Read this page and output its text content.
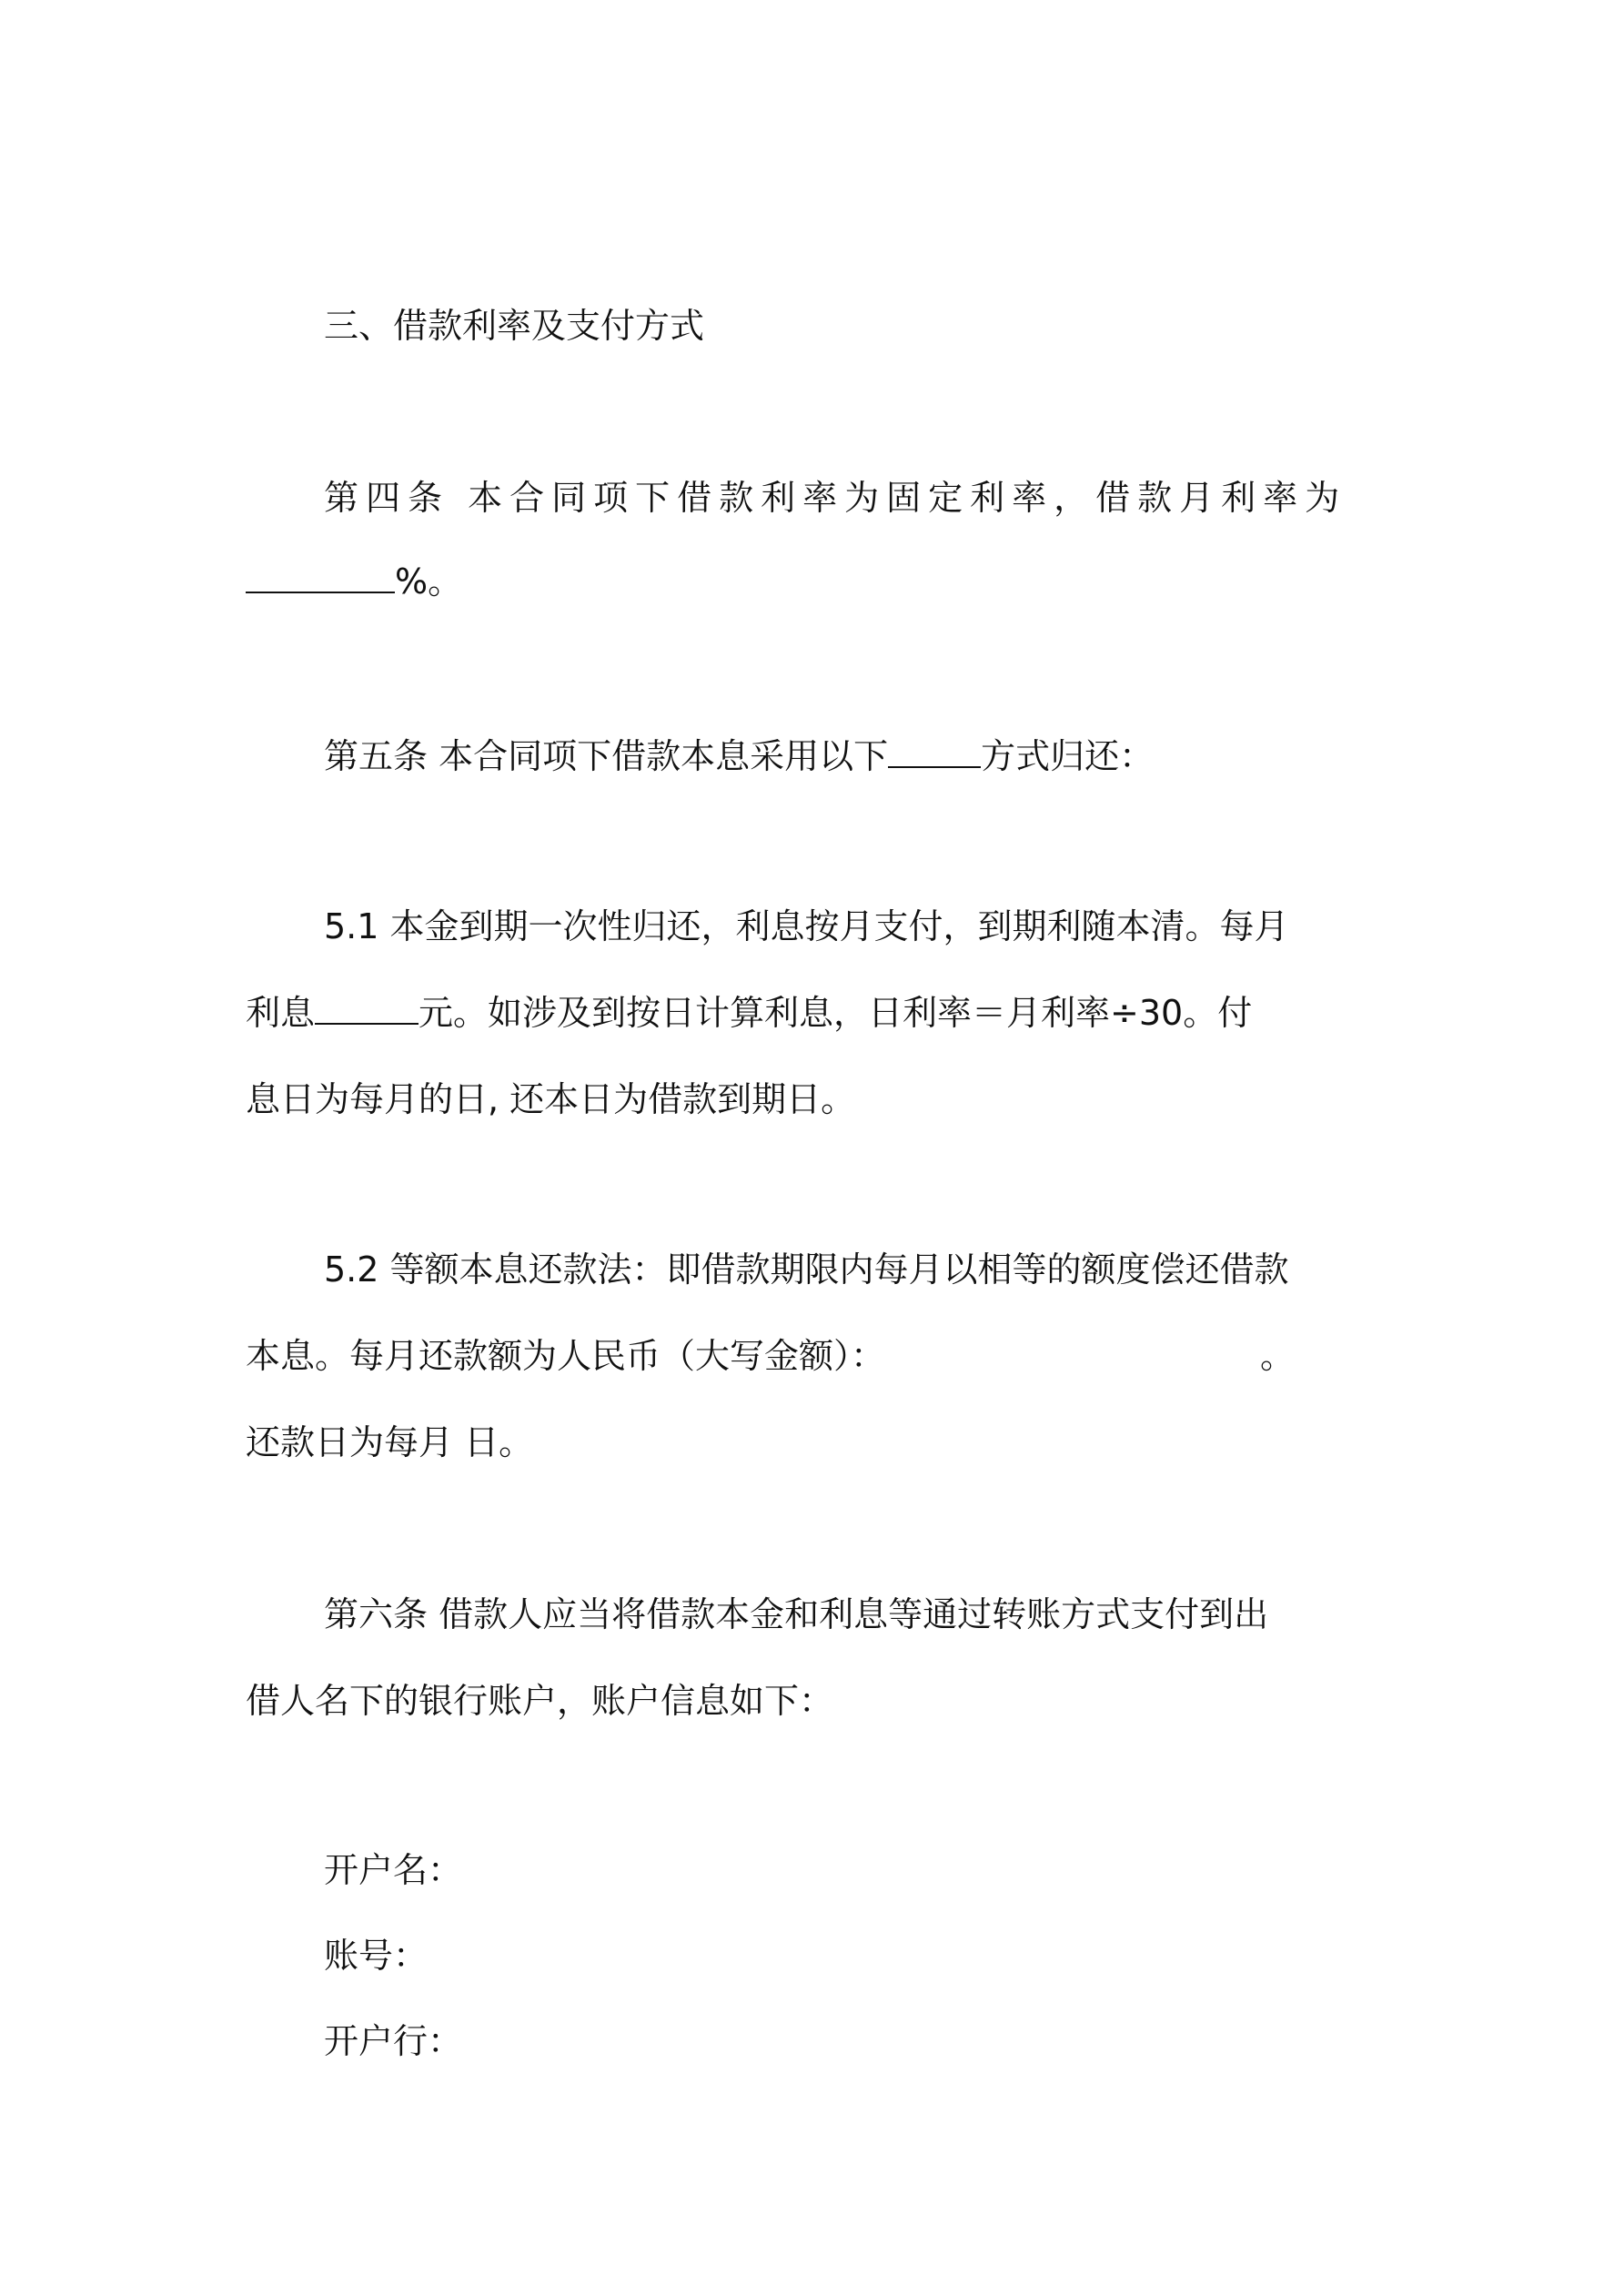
三、借款利率及支付方式
第四条 本合同项下借款利率为固定利率，借款月利率为
%。
第五条 本合同项下借款本息采用以下	方式归还：
5.1 本金到期一次性归还，利息按月支付，到期利随本清。每月
利息	元。如涉及到按日计算利息，日利率＝月利率÷30。付
息日为每月的日, 还本日为借款到期日。
5.2 等额本息还款法：即借款期限内每月以相等的额度偿还借款
本息。每月还款额为人民币（大写金额）：	。
还款日为每月 日。
第六条 借款人应当将借款本金和利息等通过转账方式支付到出
借人名下的银行账户，账户信息如下：
开户名：
账号：
开户行：
